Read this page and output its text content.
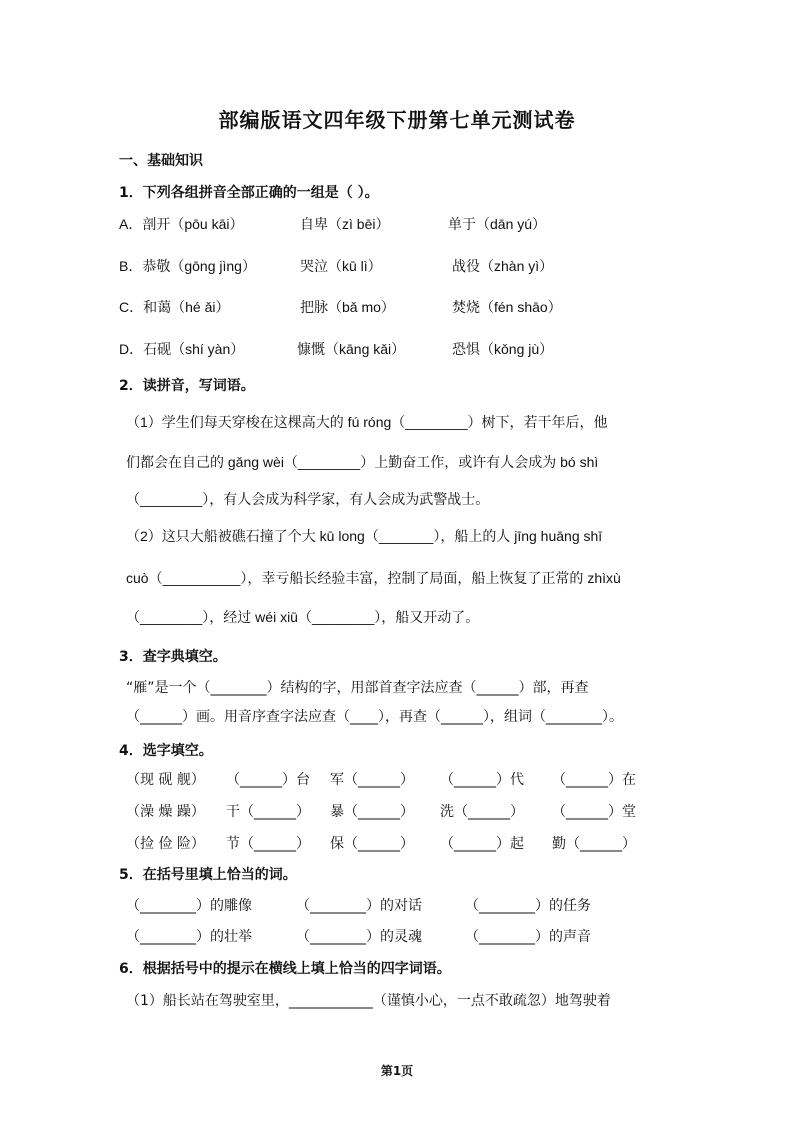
部编版语文四年级下册第七单元测试卷
一、基础知识
1．下列各组拼音全部正确的一组是（ ）。
A．剖开（pōu kāi）	自卑（zì bēi）	单于（dān yú）
B．恭敬（gōng jìng）	哭泣（kū lì）	战役（zhàn yì）
C．和蔼（hé ǎi）	把脉（bǎ mo）	焚烧（fén shāo）
D．石砚（shí yàn）	慷慨（kāng kǎi）	恐惧（kǒng jù）
2．读拼音，写词语。
（1）学生们每天穿梭在这棵高大的 fú róng（________）树下，若干年后，他
们都会在自己的 gǎng wèi（________）上勤奋工作，或许有人会成为 bó shì
（________），有人会成为科学家，有人会成为武警战士。
（2）这只大船被礁石撞了个大 kū long（_______），船上的人 jīng huāng shī
cuò（__________），幸亏船长经验丰富，控制了局面，船上恢复了正常的 zhìxù
（________），经过 wéi xiū（________），船又开动了。
3．查字典填空。
“雁”是一个（________）结构的字，用部首查字法应查（______）部，再查
（______）画。用音序查字法应查（____），再查（______），组词（________）。
4．选字填空。
（现 砚 舰） （______）台 军（______） （______）代 （______）在
（澡 燥 躁） 干（______） 暴（______） 洗（______） （______）堂
（捡 俭 险） 节（______） 保（______） （______）起 勤（______）
5．在括号里填上恰当的词。
（________）的雕像	（________）的对话	（________）的任务
（________）的壮举	（________）的灵魂	（________）的声音
6．根据括号中的提示在横线上填上恰当的四字词语。
（1）船长站在驾驶室里，____________（谨慎小心，一点不敢疏忽）地驾驶着
第1页
